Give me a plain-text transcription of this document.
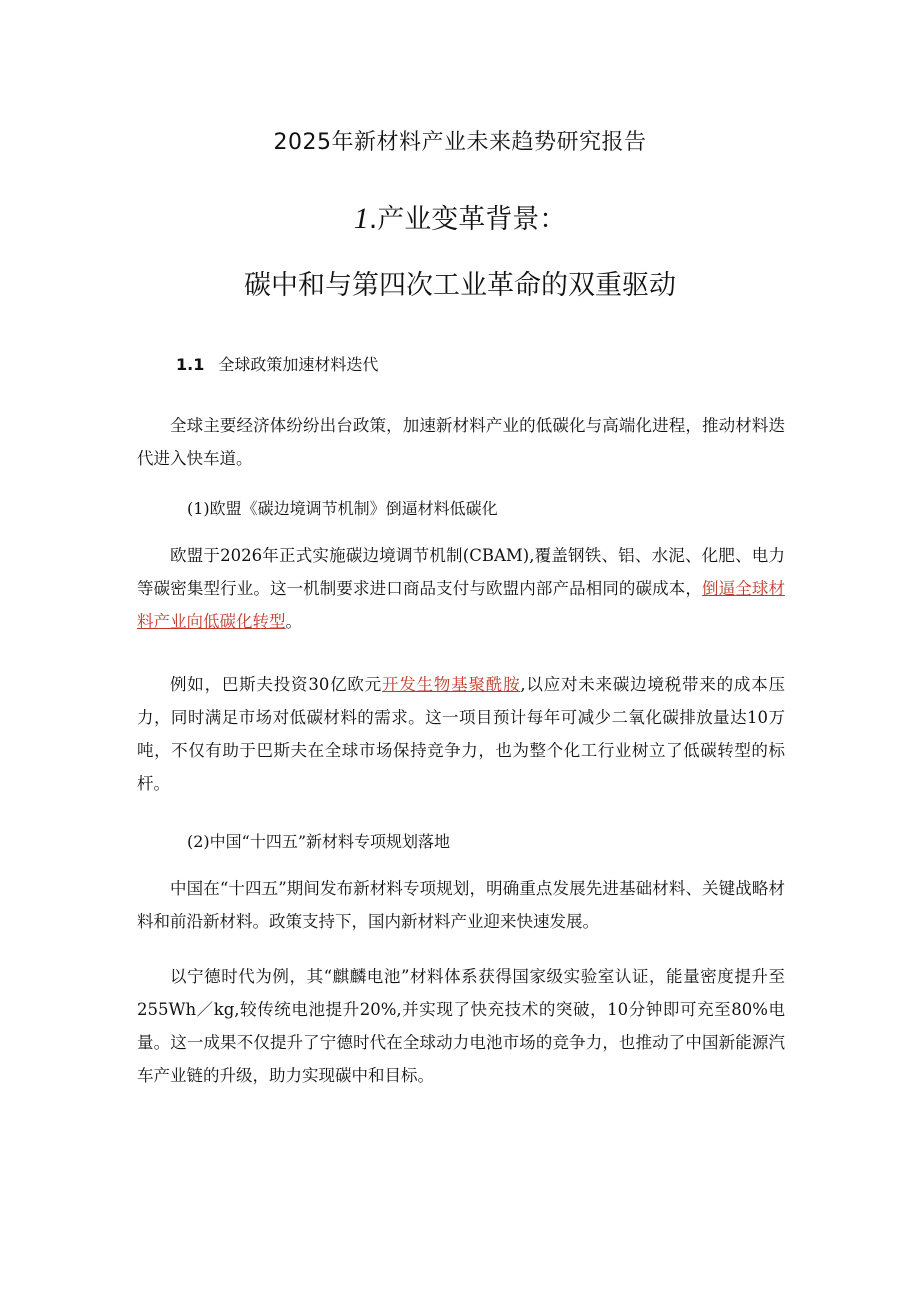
2025年新材料产业未来趋势研究报告
1.产业变革背景：
碳中和与第四次工业革命的双重驱动
1.1 全球政策加速材料迭代

全球主要经济体纷纷出台政策，加速新材料产业的低碳化与高端化进程，推动材料迭代进入快车道。

(1)欧盟《碳边境调节机制》倒逼材料低碳化

欧盟于2026年正式实施碳边境调节机制(CBAM),覆盖钢铁、铝、水泥、化肥、电力等碳密集型行业。这一机制要求进口商品支付与欧盟内部产品相同的碳成本，倒逼全球材料产业向低碳化转型。

例如，巴斯夫投资30亿欧元开发生物基聚酰胺,以应对未来碳边境税带来的成本压力，同时满足市场对低碳材料的需求。这一项目预计每年可减少二氧化碳排放量达10万吨，不仅有助于巴斯夫在全球市场保持竞争力，也为整个化工行业树立了低碳转型的标杆。

(2)中国“十四五”新材料专项规划落地

中国在“十四五”期间发布新材料专项规划，明确重点发展先进基础材料、关键战略材料和前沿新材料。政策支持下，国内新材料产业迎来快速发展。

以宁德时代为例，其“麒麟电池”材料体系获得国家级实验室认证，能量密度提升至255Wh／kg,较传统电池提升20%,并实现了快充技术的突破，10分钟即可充至80%电量。这一成果不仅提升了宁德时代在全球动力电池市场的竞争力，也推动了中国新能源汽车产业链的升级，助力实现碳中和目标。
